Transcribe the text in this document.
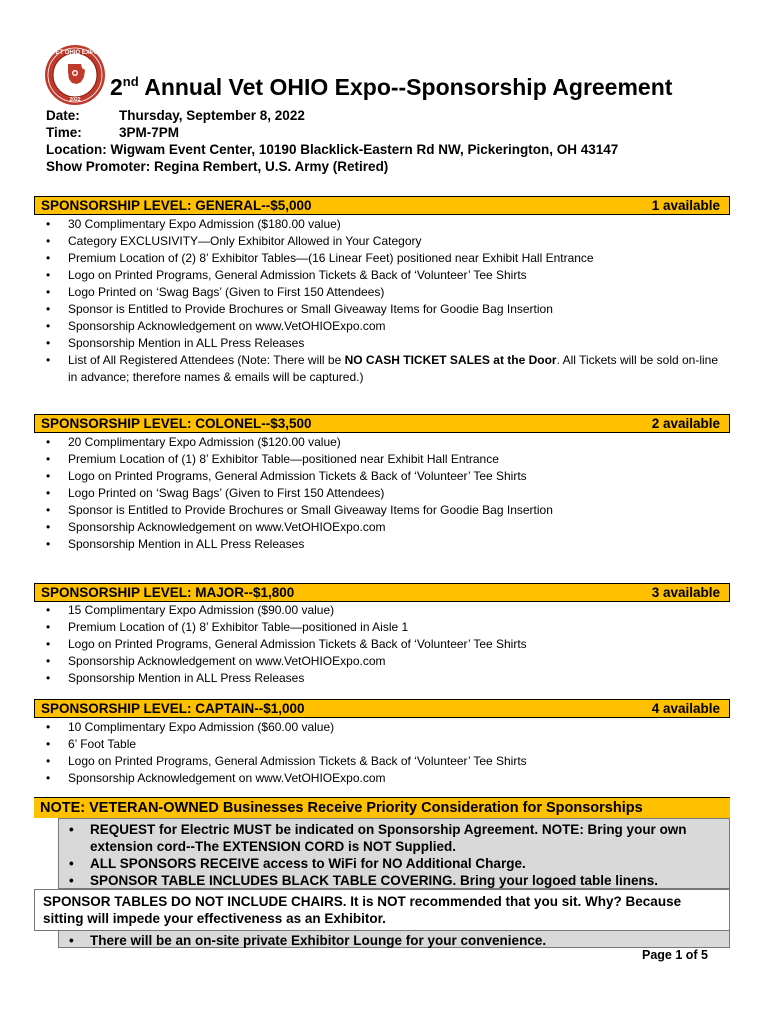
VET OHIO EXPO
2022 2nd Annual Vet OHIO Expo--Sponsorship Agreement
Date:	Thursday, September 8, 2022
Time:	3PM-7PM
Location: Wigwam Event Center, 10190 Blacklick-Eastern Rd NW, Pickerington, OH 43147
Show Promoter: Regina Rembert, U.S. Army (Retired)
SPONSORSHIP LEVEL: GENERAL--$5,000	1 available
• 30 Complimentary Expo Admission ($180.00 value)
• Category EXCLUSIVITY—Only Exhibitor Allowed in Your Category
• Premium Location of (2) 8’ Exhibitor Tables—(16 Linear Feet) positioned near Exhibit Hall Entrance
• Logo on Printed Programs, General Admission Tickets & Back of ‘Volunteer’ Tee Shirts
• Logo Printed on ‘Swag Bags’ (Given to First 150 Attendees)
• Sponsor is Entitled to Provide Brochures or Small Giveaway Items for Goodie Bag Insertion
• Sponsorship Acknowledgement on www.VetOHIOExpo.com
• Sponsorship Mention in ALL Press Releases
• List of All Registered Attendees (Note: There will be NO CASH TICKET SALES at the Door. All Tickets will be sold on-line in advance; therefore names & emails will be captured.)
SPONSORSHIP LEVEL: COLONEL--$3,500	2 available
• 20 Complimentary Expo Admission ($120.00 value)
• Premium Location of (1) 8’ Exhibitor Table—positioned near Exhibit Hall Entrance
• Logo on Printed Programs, General Admission Tickets & Back of ‘Volunteer’ Tee Shirts
• Logo Printed on ‘Swag Bags’ (Given to First 150 Attendees)
• Sponsor is Entitled to Provide Brochures or Small Giveaway Items for Goodie Bag Insertion
• Sponsorship Acknowledgement on www.VetOHIOExpo.com
• Sponsorship Mention in ALL Press Releases
SPONSORSHIP LEVEL: MAJOR--$1,800	3 available
• 15 Complimentary Expo Admission ($90.00 value)
• Premium Location of (1) 8’ Exhibitor Table—positioned in Aisle 1
• Logo on Printed Programs, General Admission Tickets & Back of ‘Volunteer’ Tee Shirts
• Sponsorship Acknowledgement on www.VetOHIOExpo.com
• Sponsorship Mention in ALL Press Releases
SPONSORSHIP LEVEL: CAPTAIN--$1,000	4 available
• 10 Complimentary Expo Admission ($60.00 value)
• 6’ Foot Table
• Logo on Printed Programs, General Admission Tickets & Back of ‘Volunteer’ Tee Shirts
• Sponsorship Acknowledgement on www.VetOHIOExpo.com
NOTE: VETERAN-OWNED Businesses Receive Priority Consideration for Sponsorships
• REQUEST for Electric MUST be indicated on Sponsorship Agreement. NOTE: Bring your own extension cord--The EXTENSION CORD is NOT Supplied.
• ALL SPONSORS RECEIVE access to WiFi for NO Additional Charge.
• SPONSOR TABLE INCLUDES BLACK TABLE COVERING. Bring your logoed table linens.
SPONSOR TABLES DO NOT INCLUDE CHAIRS. It is NOT recommended that you sit. Why? Because sitting will impede your effectiveness as an Exhibitor.
• There will be an on-site private Exhibitor Lounge for your convenience.
Page 1 of 5
